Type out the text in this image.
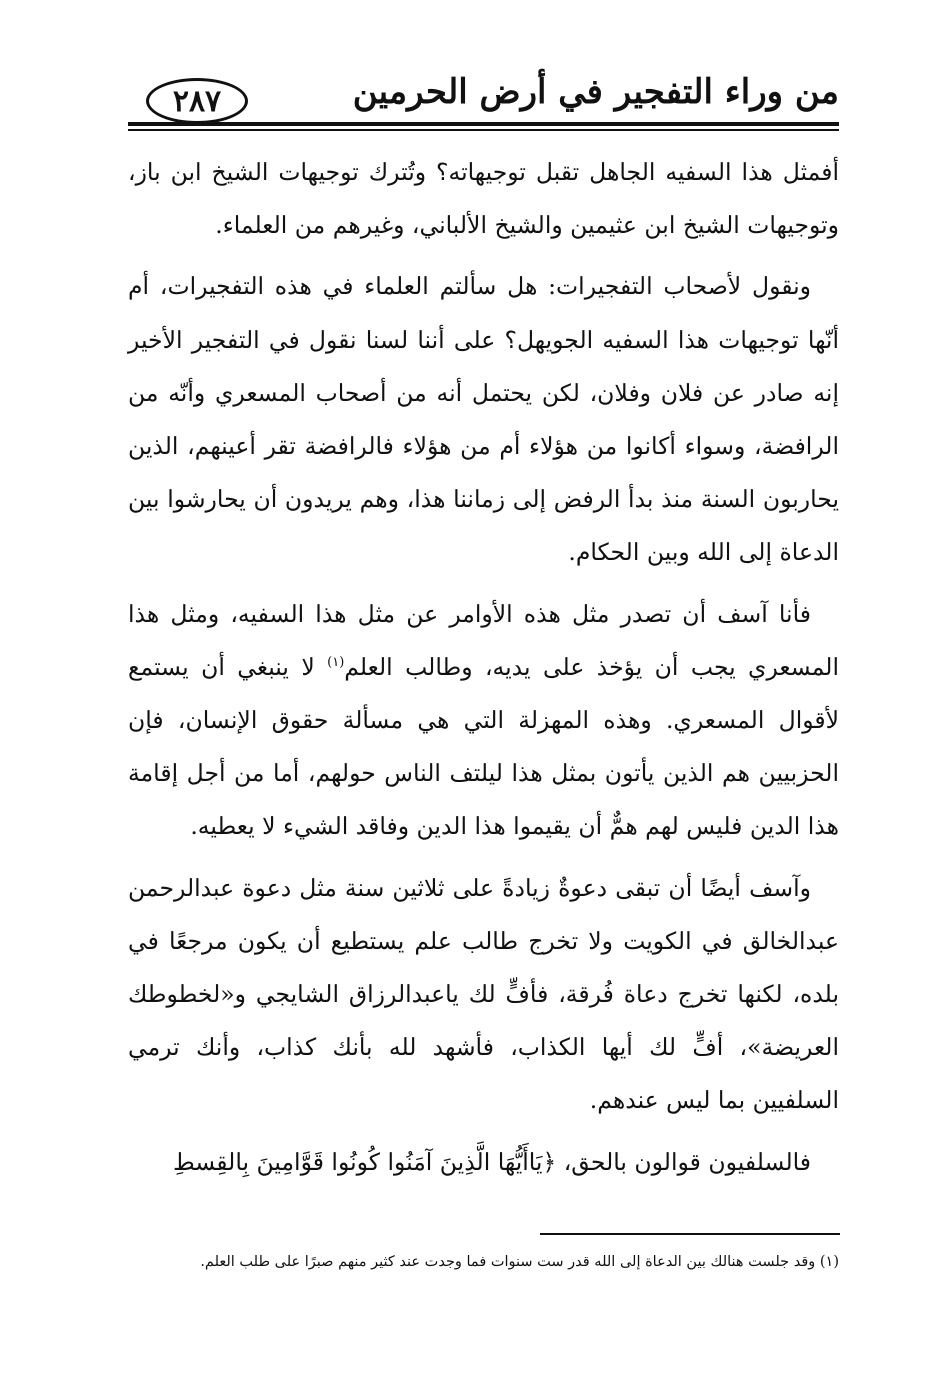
من وراء التفجير في أرض الحرمين
٢٨٧

أفمثل هذا السفيه الجاهل تقبل توجيهاته؟ وتُترك توجيهات الشيخ ابن باز، وتوجيهات الشيخ ابن عثيمين والشيخ الألباني، وغيرهم من العلماء.

ونقول لأصحاب التفجيرات: هل سألتم العلماء في هذه التفجيرات، أم أنّها توجيهات هذا السفيه الجويهل؟ على أننا لسنا نقول في التفجير الأخير إنه صادر عن فلان وفلان، لكن يحتمل أنه من أصحاب المسعري وأنّه من الرافضة، وسواء أكانوا من هؤلاء أم من هؤلاء فالرافضة تقر أعينهم، الذين يحاربون السنة منذ بدأ الرفض إلى زماننا هذا، وهم يريدون أن يحارشوا بين الدعاة إلى الله وبين الحكام.

فأنا آسف أن تصدر مثل هذه الأوامر عن مثل هذا السفيه، ومثل هذا المسعري يجب أن يؤخذ على يديه، وطالب العلم$^{(١)}$ لا ينبغي أن يستمع لأقوال المسعري. وهذه المهزلة التي هي مسألة حقوق الإنسان، فإن الحزبيين هم الذين يأتون بمثل هذا ليلتف الناس حولهم، أما من أجل إقامة هذا الدين فليس لهم همٌّ أن يقيموا هذا الدين وفاقد الشيء لا يعطيه.

وآسف أيضًا أن تبقى دعوةٌ زيادةً على ثلاثين سنة مثل دعوة عبدالرحمن عبدالخالق في الكويت ولا تخرج طالب علم يستطيع أن يكون مرجعًا في بلده، لكنها تخرج دعاة فُرقة، فأفٍّ لك ياعبدالرزاق الشايجي و«لخطوطك العريضة»، أفٍّ لك أيها الكذاب، فأشهد لله بأنك كذاب، وأنك ترمي السلفيين بما ليس عندهم.

فالسلفيون قوالون بالحق، ﴿يَاأَيُّهَا الَّذِينَ آمَنُوا كُونُوا قَوَّامِينَ بِالقِسطِ

(١) وقد جلست هنالك بين الدعاة إلى الله قدر ست سنوات فما وجدت عند كثير منهم صبرًا على طلب العلم.
